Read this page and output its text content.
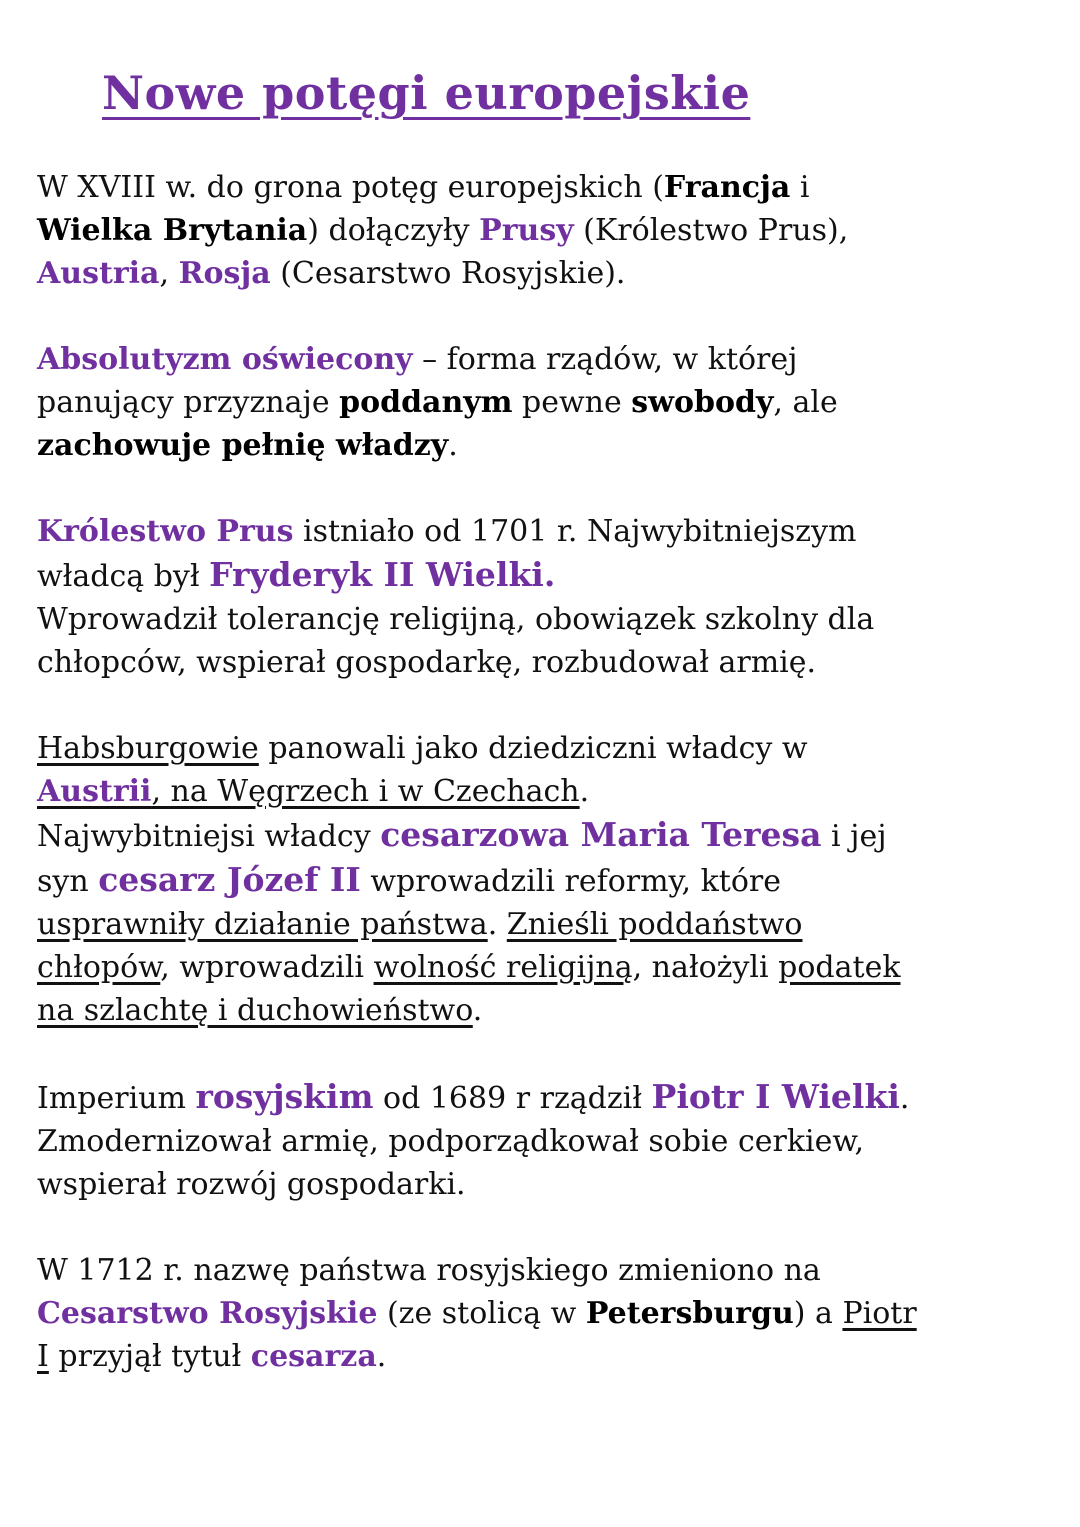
Nowe potęgi europejskie
W XVIII w. do grona potęg europejskich (Francja i
Wielka Brytania) dołączyły Prusy (Królestwo Prus),
Austria, Rosja (Cesarstwo Rosyjskie).
Absolutyzm oświecony – forma rządów, w której
panujący przyznaje poddanym pewne swobody, ale
zachowuje pełnię władzy.
Królestwo Prus istniało od 1701 r. Najwybitniejszym
władcą był Fryderyk II Wielki.
Wprowadził tolerancję religijną, obowiązek szkolny dla
chłopców, wspierał gospodarkę, rozbudował armię.
Habsburgowie panowali jako dziedziczni władcy w
Austrii, na Węgrzech i w Czechach.
Najwybitniejsi władcy cesarzowa Maria Teresa i jej
syn cesarz Józef II wprowadzili reformy, które
usprawniły działanie państwa. Znieśli poddaństwo
chłopów, wprowadzili wolność religijną, nałożyli podatek
na szlachtę i duchowieństwo.
Imperium rosyjskim od 1689 r rządził Piotr I Wielki.
Zmodernizował armię, podporządkował sobie cerkiew,
wspierał rozwój gospodarki.
W 1712 r. nazwę państwa rosyjskiego zmieniono na
Cesarstwo Rosyjskie (ze stolicą w Petersburgu) a Piotr
I przyjął tytuł cesarza.
